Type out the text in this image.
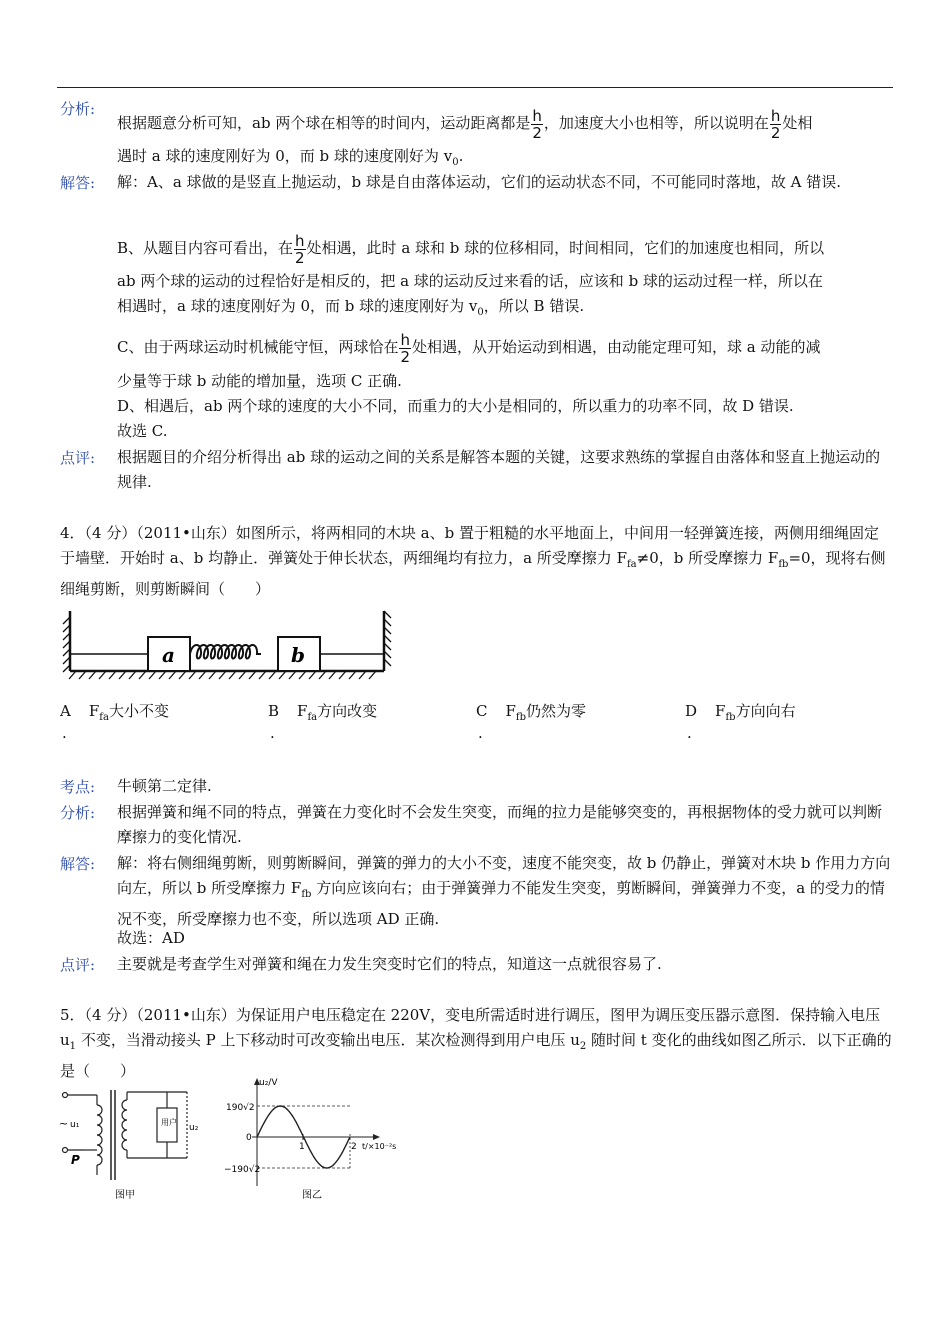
分析:
根据题意分析可知，ab 两个球在相等的时间内，运动距离都是 $\frac{h}{2}$ ，加速度大小也相等，所以说明在 $\frac{h}{2}$ 处相
遇时 a 球的速度刚好为 0，而 b 球的速度刚好为 $v_0$.
解答: 解：A、a 球做的是竖直上抛运动，b 球是自由落体运动，它们的运动状态不同，不可能同时落地，故 A 错误.
B、从题目内容可看出，在 $\frac{h}{2}$ 处相遇，此时 a 球和 b 球的位移相同，时间相同，它们的加速度也相同，所以
ab 两个球的运动的过程恰好是相反的，把 a 球的运动反过来看的话，应该和 b 球的运动过程一样，所以在
相遇时，a 球的速度刚好为 0，而 b 球的速度刚好为 $v_0$，所以 B 错误.
C、由于两球运动时机械能守恒，两球恰在 $\frac{h}{2}$ 处相遇，从开始运动到相遇，由动能定理可知，球 a 动能的减
少量等于球 b 动能的增加量，选项 C 正确.
D、相遇后，ab 两个球的速度的大小不同，而重力的大小是相同的，所以重力的功率不同，故 D 错误.
故选 C.
点评: 根据题目的介绍分析得出 ab 球的运动之间的关系是解答本题的关键，这要求熟练的掌握自由落体和竖直上抛运动的规律.
4．（4 分）（2011•山东）如图所示，将两相同的木块 a、b 置于粗糙的水平地面上，中间用一轻弹簧连接，两侧用细绳固定于墙壁．开始时 a、b 均静止．弹簧处于伸长状态，两细绳均有拉力，a 所受摩擦力 $F_{fa}\ne 0$，b 所受摩擦力 $F_{fb}=0$，现将右侧细绳剪断，则剪断瞬间（　　）
a	b
A $F_{fa}$大小不变	B $F_{fa}$方向改变	C $F_{fb}$仍然为零	D $F_{fb}$方向向右
.	.	.	.
考点: 牛顿第二定律.
分析: 根据弹簧和绳不同的特点，弹簧在力变化时不会发生突变，而绳的拉力是能够突变的，再根据物体的受力就可以判断摩擦力的变化情况.
解答: 解：将右侧细绳剪断，则剪断瞬间，弹簧的弹力的大小不变，速度不能突变，故 b 仍静止，弹簧对木块 b 作用力方向向左，所以 b 所受摩擦力 $F_{fb}$ 方向应该向右；由于弹簧弹力不能发生突变，剪断瞬间，弹簧弹力不变，a 的受力的情况不变，所受摩擦力也不变，所以选项 AD 正确.
故选：AD
点评: 主要就是考查学生对弹簧和绳在力发生突变时它们的特点，知道这一点就很容易了.
5．（4 分）（2011•山东）为保证用户电压稳定在 220V，变电所需适时进行调压，图甲为调压变压器示意图．保持输入电压 $u_1$ 不变，当滑动接头 P 上下移动时可改变输出电压．某次检测得到用户电压 $u_2$ 随时间 t 变化的曲线如图乙所示．以下正确的是（　　）
~ u₁
P
u₂
用户
图甲
u₂/V
190√2
0
−190√2
1	2 t/×10⁻²s
图乙
